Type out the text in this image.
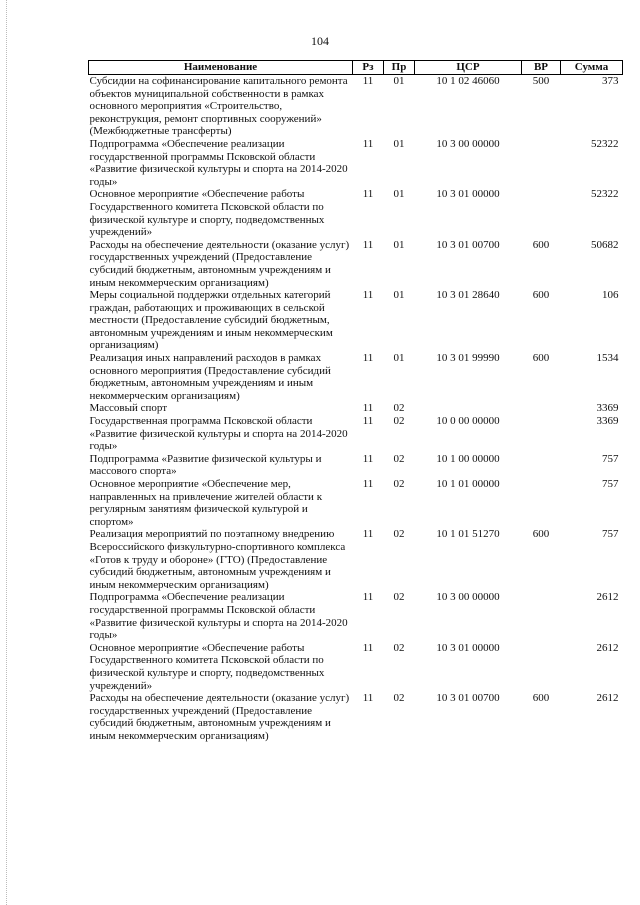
104
Наименование	Рз	Пр	ЦСР	ВР	Сумма
Субсидии на софинансирование капитального ремонта объектов муниципальной собственности в рамках основного мероприятия «Строительство, реконструкция, ремонт спортивных сооружений» (Межбюджетные трансферты)	11	01	10 1 02 46060	500	373
Подпрограмма «Обеспечение реализации государственной программы Псковской области «Развитие физической культуры и спорта на 2014-2020 годы»	11	01	10 3 00 00000		52322
Основное мероприятие «Обеспечение работы Государственного комитета Псковской области по физической культуре и спорту, подведомственных учреждений»	11	01	10 3 01 00000		52322
Расходы на обеспечение деятельности (оказание услуг) государственных учреждений (Предоставление субсидий бюджетным, автономным учреждениям и иным некоммерческим организациям)	11	01	10 3 01 00700	600	50682
Меры социальной поддержки отдельных категорий граждан, работающих и проживающих в сельской местности (Предоставление субсидий бюджетным, автономным учреждениям и иным некоммерческим организациям)	11	01	10 3 01 28640	600	106
Реализация иных направлений расходов в рамках основного мероприятия (Предоставление субсидий бюджетным, автономным учреждениям и иным некоммерческим организациям)	11	01	10 3 01 99990	600	1534
Массовый спорт	11	02			3369
Государственная программа Псковской области «Развитие физической культуры и спорта на 2014-2020 годы»	11	02	10 0 00 00000		3369
Подпрограмма «Развитие физической культуры и массового спорта»	11	02	10 1 00 00000		757
Основное мероприятие «Обеспечение мер, направленных на привлечение жителей области к регулярным занятиям физической культурой и спортом»	11	02	10 1 01 00000		757
Реализация мероприятий по поэтапному внедрению Всероссийского физкультурно-спортивного комплекса «Готов к труду и обороне» (ГТО) (Предоставление субсидий бюджетным, автономным учреждениям и иным некоммерческим организациям)	11	02	10 1 01 51270	600	757
Подпрограмма «Обеспечение реализации государственной программы Псковской области «Развитие физической культуры и спорта на 2014-2020 годы»	11	02	10 3 00 00000		2612
Основное мероприятие «Обеспечение работы Государственного комитета Псковской области по физической культуре и спорту, подведомственных учреждений»	11	02	10 3 01 00000		2612
Расходы на обеспечение деятельности (оказание услуг) государственных учреждений (Предоставление субсидий бюджетным, автономным учреждениям и иным некоммерческим организациям)	11	02	10 3 01 00700	600	2612
